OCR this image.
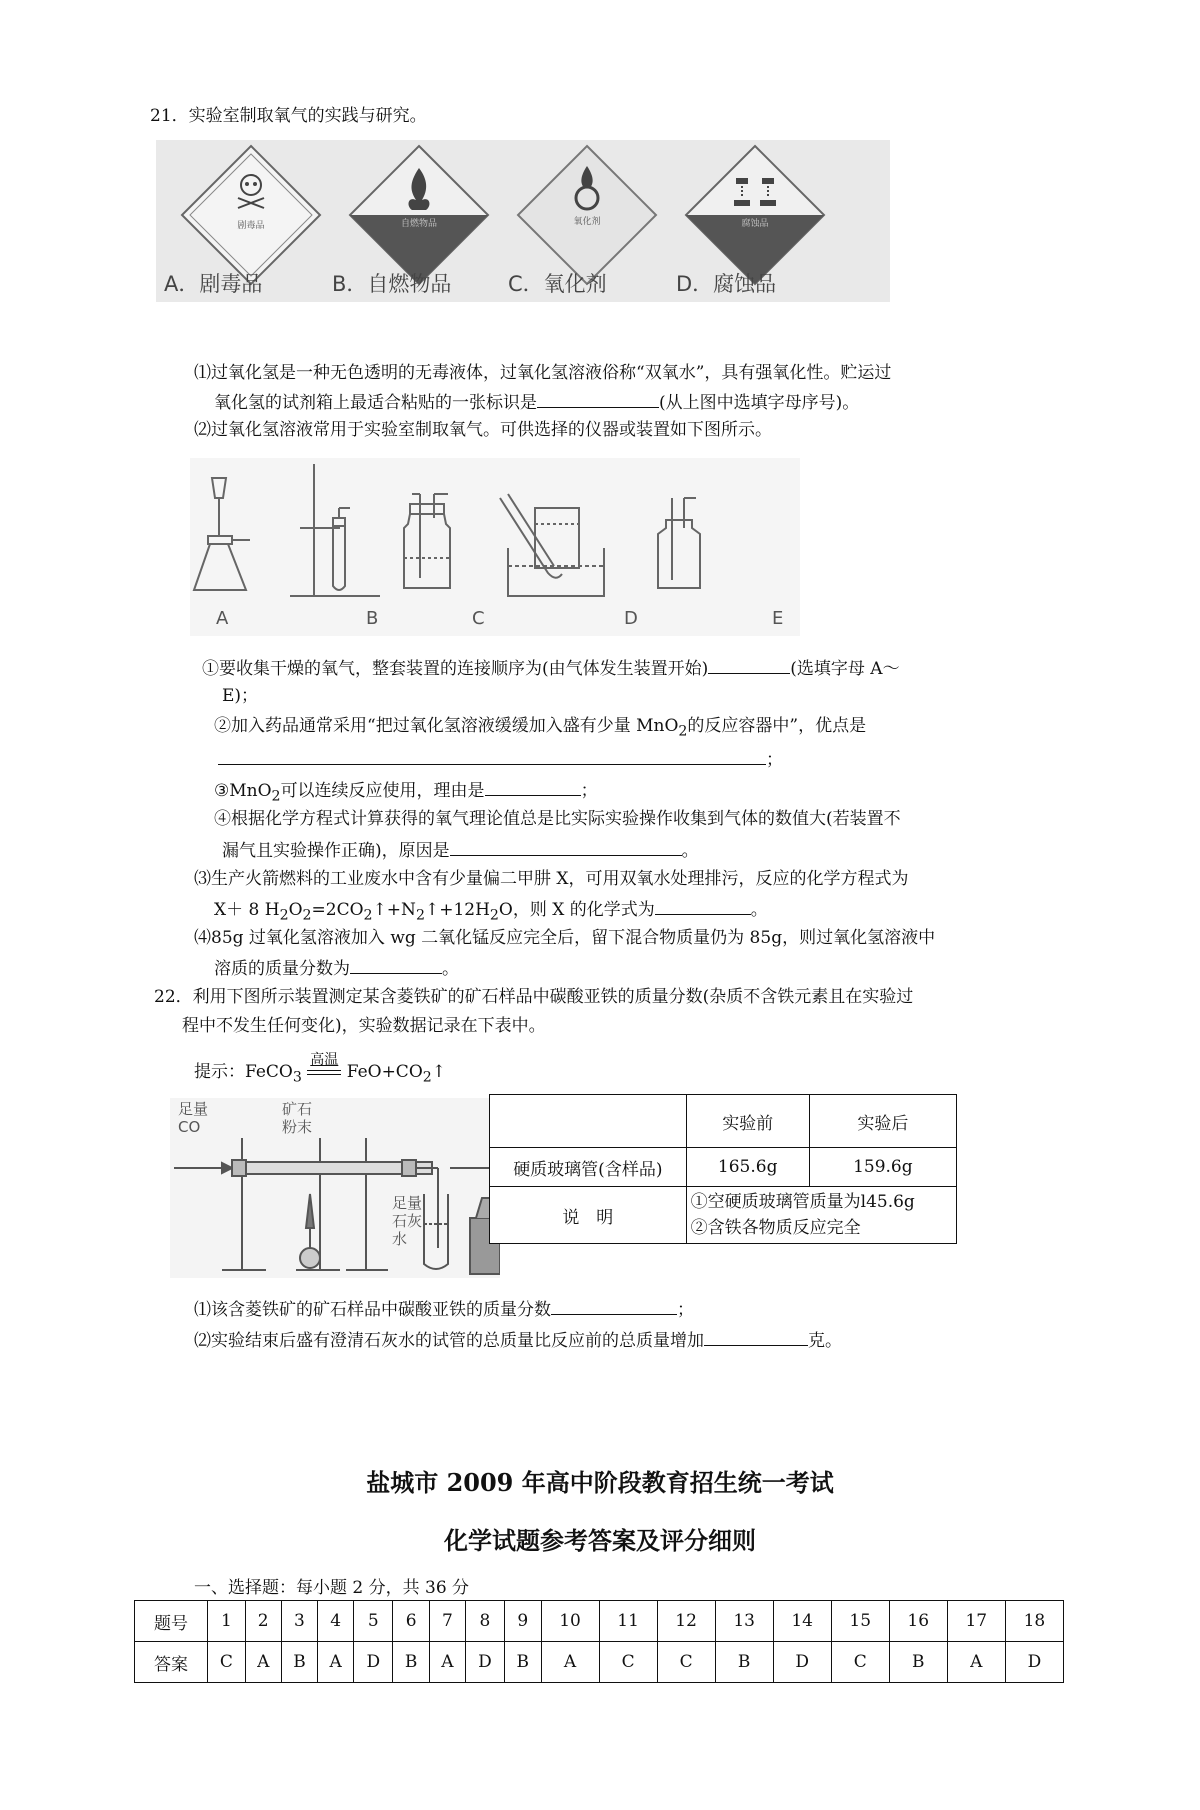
21．实验室制取氧气的实践与研究。
剧毒品	自燃物品	氧化剂	腐蚀品
A．剧毒品	B．自燃物品	C．氧化剂	D．腐蚀品
⑴过氧化氢是一种无色透明的无毒液体，过氧化氢溶液俗称“双氧水”，具有强氧化性。贮运过
氧化氢的试剂箱上最适合粘贴的一张标识是	(从上图中选填字母序号)。
⑵过氧化氢溶液常用于实验室制取氧气。可供选择的仪器或装置如下图所示。
A	B	C	D	E
①要收集干燥的氧气，整套装置的连接顺序为(由气体发生装置开始)	(选填字母 A～
E)；
②加入药品通常采用“把过氧化氢溶液缓缓加入盛有少量 MnO$_2$的反应容器中”，优点是
；
③MnO$_2$可以连续反应使用，理由是	；
④根据化学方程式计算获得的氧气理论值总是比实际实验操作收集到气体的数值大(若装置不
漏气且实验操作正确)，原因是	。
⑶生产火箭燃料的工业废水中含有少量偏二甲肼 X，可用双氧水处理排污，反应的化学方程式为
X＋ 8 $H_2O_2=2CO_2↑+N_2↑+12H_2O$，则 X 的化学式为	。
⑷85g 过氧化氢溶液加入 wg 二氧化锰反应完全后，留下混合物质量仍为 85g，则过氧化氢溶液中
溶质的质量分数为	。
22．利用下图所示装置测定某含菱铁矿的矿石样品中碳酸亚铁的质量分数(杂质不含铁元素且在实验过
程中不发生任何变化)，实验数据记录在下表中。
提示：FeCO$_3$
高温
$FeO+CO_2↑$
足量
CO
矿石
粉末
足量
石灰
水
	实验前	实验后
硬质玻璃管(含样品)	165.6g	159.6g
说　明	①空硬质玻璃管质量为l45.6g
②含铁各物质反应完全	
⑴该含菱铁矿的矿石样品中碳酸亚铁的质量分数	；
⑵实验结束后盛有澄清石灰水的试管的总质量比反应前的总质量增加	克。
盐城市 2009 年高中阶段教育招生统一考试
化学试题参考答案及评分细则
一、选择题：每小题 2 分，共 36 分
题号	1	2	3	4	5	6	7	8	9	10	11	12	13	14	15	16	17	18
答案	C	A	B	A	D	B	A	D	B	A	C	C	B	D	C	B	A	D
